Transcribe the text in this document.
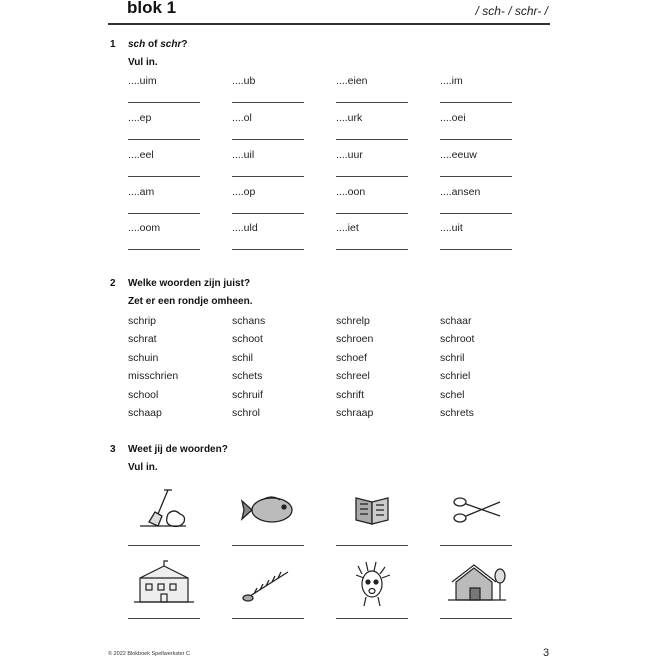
blok 1	/ sch- / schr- /
1 sch of schr?
Vul in.
....uim	....ub	....eien	....im
....ep	....ol	....urk	....oei
....eel	....uil	....uur	....eeuw
....am	....op	....oon	....ansen
....oom	....uld	....iet	....uit
2 Welke woorden zijn juist?
Zet er een rondje omheen.
schrip	schans	schrelp	schaar
schrat	schoot	schroen	schroot
schuin	schil	schoef	schril
misschrien	schets	schreel	schriel
school	schruif	schrift	schel
schaap	schrol	schraap	schrets
3 Weet jij de woorden?
Vul in.
© 2022 Blokboek Spellwerkster C	3
